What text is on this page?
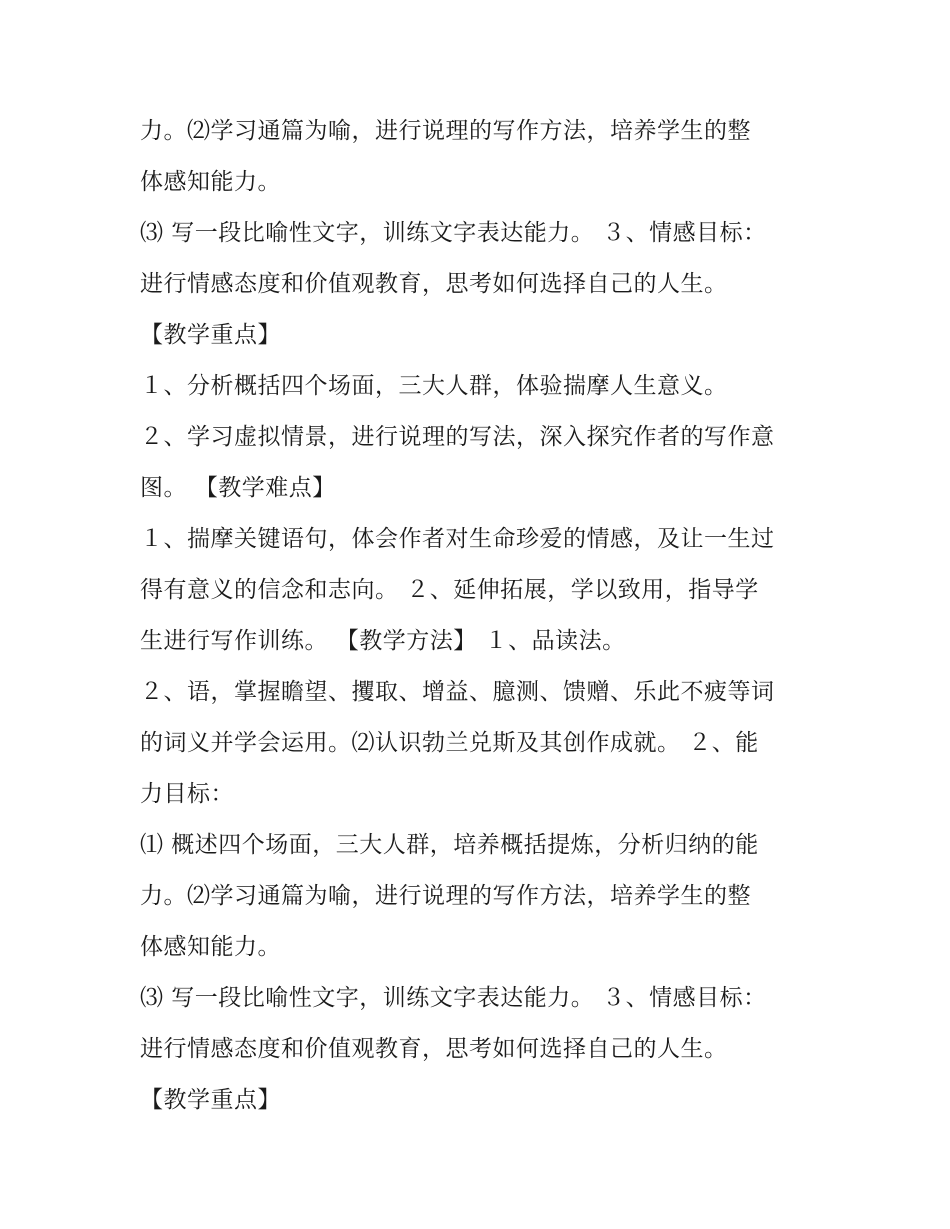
力。⑵学习通篇为喻，进行说理的写作方法，培养学生的整
体感知能力。
⑶ 写一段比喻性文字，训练文字表达能力。 ３、情感目标：
进行情感态度和价值观教育，思考如何选择自己的人生。
【教学重点】
１、分析概括四个场面，三大人群，体验揣摩人生意义。
２、学习虚拟情景，进行说理的写法，深入探究作者的写作意
图。 【教学难点】
１、揣摩关键语句，体会作者对生命珍爱的情感，及让一生过
得有意义的信念和志向。 ２、延伸拓展，学以致用，指导学
生进行写作训练。 【教学方法】 １、品读法。
２、语，掌握瞻望、攫取、增益、臆测、馈赠、乐此不疲等词
的词义并学会运用。⑵认识勃兰兑斯及其创作成就。 ２、能
力目标：
⑴ 概述四个场面，三大人群，培养概括提炼，分析归纳的能
力。⑵学习通篇为喻，进行说理的写作方法，培养学生的整
体感知能力。
⑶ 写一段比喻性文字，训练文字表达能力。 ３、情感目标：
进行情感态度和价值观教育，思考如何选择自己的人生。
【教学重点】
